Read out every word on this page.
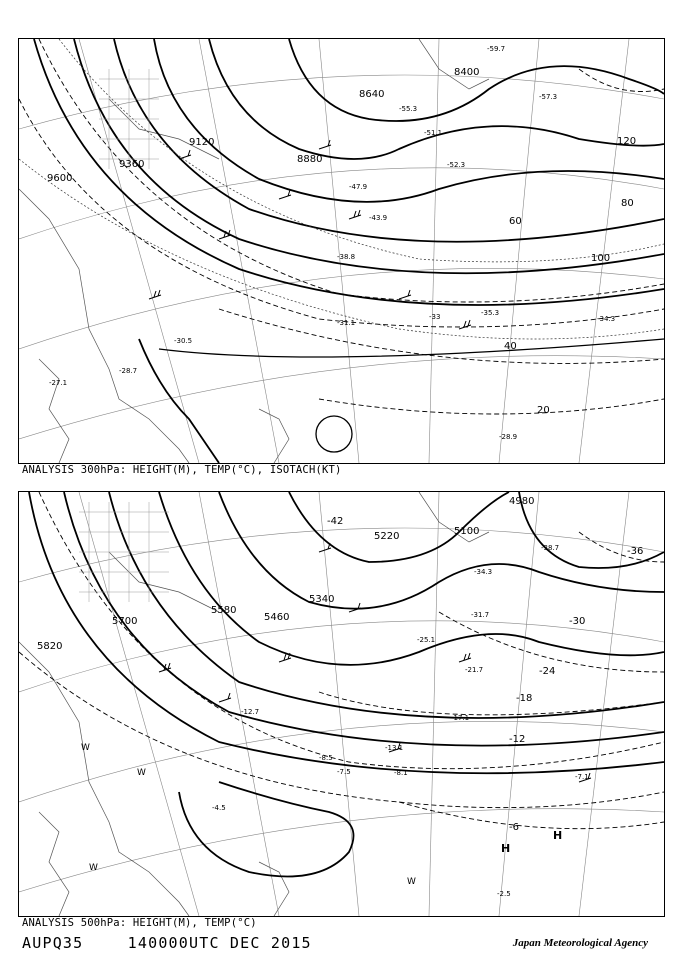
9120
9360
9600
8880
8640
8400
20
40
60
80
100
120
-27.1
-28.7
-30.5
-31.1
-33	-34.3
-35.3
-38.8
-43.9
-47.9
-51.1
-52.3
-55.3
-57.3
-59.7
-28.9
ANALYSIS 300hPa: HEIGHT(M), TEMP(°C), ISOTACH(KT)
5820
5700
5580
5460
5340
5220	5100
4980
-6
-12
-18
-24
-30
-36
-42
-2.5
-4.5
-7.5	-8.1
-12.7
-13.1
-17.1
-21.7
-25.1
-31.7
-34.3
-38.7
-7.1
-8.5
H
H
W
W
W
W
ANALYSIS 500hPa: HEIGHT(M), TEMP(°C)
AUPQ35	140000UTC DEC 2015	Japan Meteorological Agency
